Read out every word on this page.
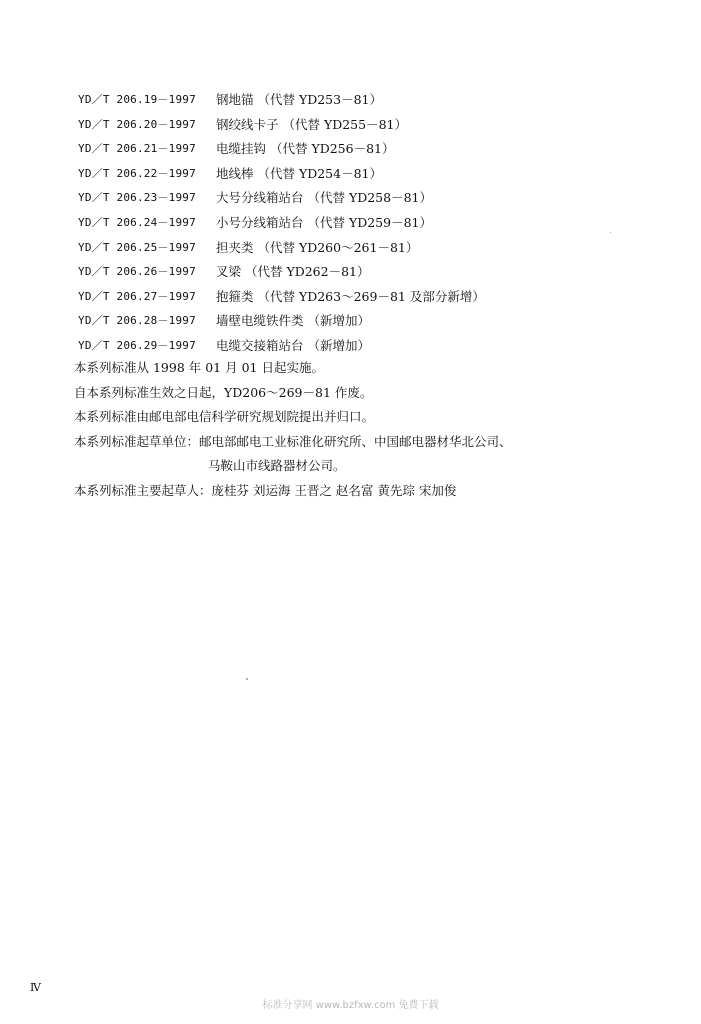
YD／T 206.19－1997	钢地锚 （代替 YD253－81）
YD／T 206.20－1997	钢绞线卡子 （代替 YD255－81）
YD／T 206.21－1997	电缆挂钩 （代替 YD256－81）
YD／T 206.22－1997	地线棒 （代替 YD254－81）
YD／T 206.23－1997	大号分线箱站台 （代替 YD258－81）
YD／T 206.24－1997	小号分线箱站台 （代替 YD259－81）
YD／T 206.25－1997	担夹类 （代替 YD260～261－81）
YD／T 206.26－1997	叉梁 （代替 YD262－81）
YD／T 206.27－1997	抱箍类 （代替 YD263～269－81 及部分新增）
YD／T 206.28－1997	墙壁电缆铁件类 （新增加）
YD／T 206.29－1997	电缆交接箱站台 （新增加）
本系列标准从 1998 年 01 月 01 日起实施。
自本系列标准生效之日起，YD206～269－81 作废。
本系列标准由邮电部电信科学研究规划院提出并归口。
本系列标准起草单位：邮电部邮电工业标准化研究所、中国邮电器材华北公司、
马鞍山市线路器材公司。
本系列标准主要起草人：庞桂芬 刘运海 王晋之 赵名富 黄先琮 宋加俊
Ⅳ
标准分享网 www.bzfxw.com 免费下载
